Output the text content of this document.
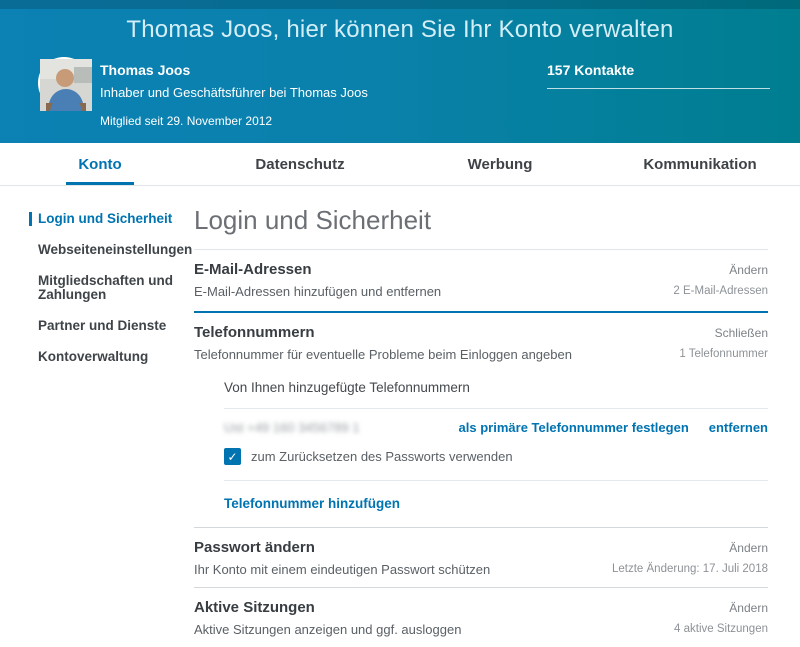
Thomas Joos, hier können Sie Ihr Konto verwalten
Thomas Joos
Inhaber und Geschäftsführer bei Thomas Joos
Mitglied seit 29. November 2012
157 Kontakte
Konto	Datenschutz	Werbung	Kommunikation
Login und Sicherheit
Webseiteneinstellungen
Mitgliedschaften und Zahlungen
Partner und Dienste
Kontoverwaltung
Login und Sicherheit
E-Mail-Adressen	Ändern
E-Mail-Adressen hinzufügen und entfernen	2 E-Mail-Adressen
Telefonnummern	Schließen
Telefonnummer für eventuelle Probleme beim Einloggen angeben	1 Telefonnummer
Von Ihnen hinzugefügte Telefonnummern
Ust +49 160 3456789 1	als primäre Telefonnummer festlegen entfernen
✓ zum Zurücksetzen des Passworts verwenden
Telefonnummer hinzufügen
Passwort ändern	Ändern
Ihr Konto mit einem eindeutigen Passwort schützen	Letzte Änderung: 17. Juli 2018
Aktive Sitzungen	Ändern
Aktive Sitzungen anzeigen und ggf. ausloggen	4 aktive Sitzungen
